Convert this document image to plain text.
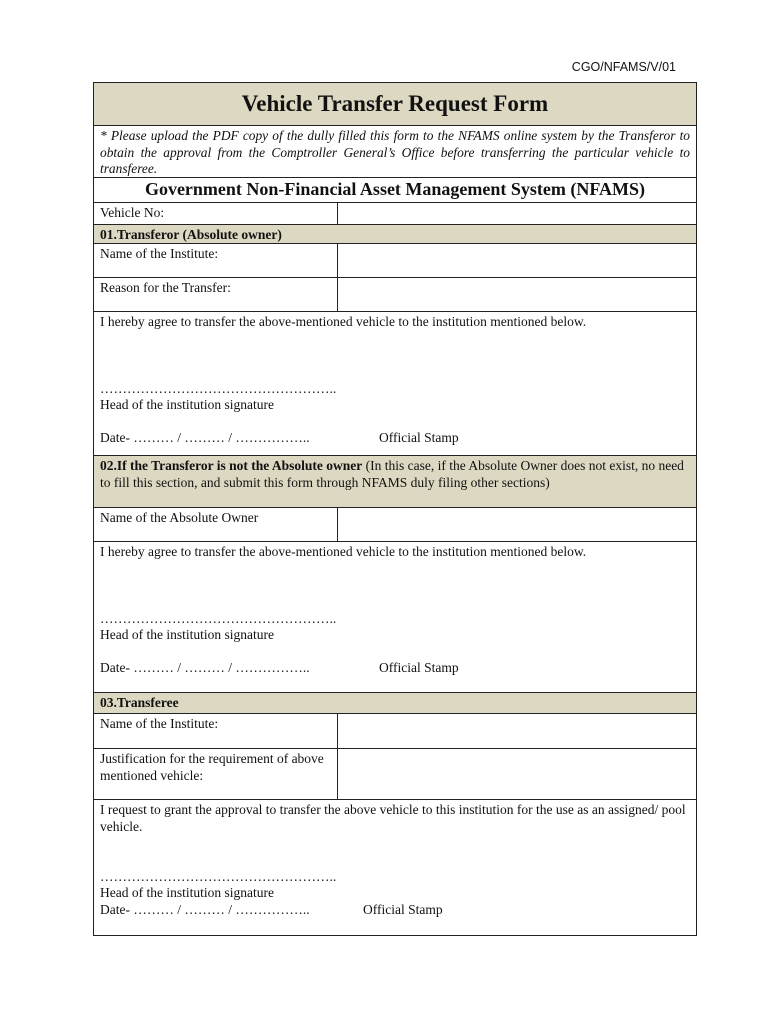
CGO/NFAMS/V/01
Vehicle Transfer Request Form
* Please upload the PDF copy of the dully filled this form to the NFAMS online system by the Transferor to obtain the approval from the Comptroller General’s Office before transferring the particular vehicle to transferee.
Government Non-Financial Asset Management System (NFAMS)
Vehicle No:
01.Transferor (Absolute owner)
Name of the Institute:
Reason for the Transfer:
I hereby agree to transfer the above-mentioned vehicle to the institution mentioned below.
……………………………………………..
Head of the institution signature
Date- ……… / ……… / ……………..	Official Stamp
02.If the Transferor is not the Absolute owner (In this case, if the Absolute Owner does not exist, no need to fill this section, and submit this form through NFAMS duly filing other sections)
Name of the Absolute Owner
I hereby agree to transfer the above-mentioned vehicle to the institution mentioned below.
……………………………………………..
Head of the institution signature
Date- ……… / ……… / ……………..	Official Stamp
03.Transferee
Name of the Institute:
Justification for the requirement of above mentioned vehicle:
I request to grant the approval to transfer the above vehicle to this institution for the use as an assigned/ pool vehicle.
……………………………………………..
Head of the institution signature
Date- ……… / ……… / ……………..	Official Stamp
